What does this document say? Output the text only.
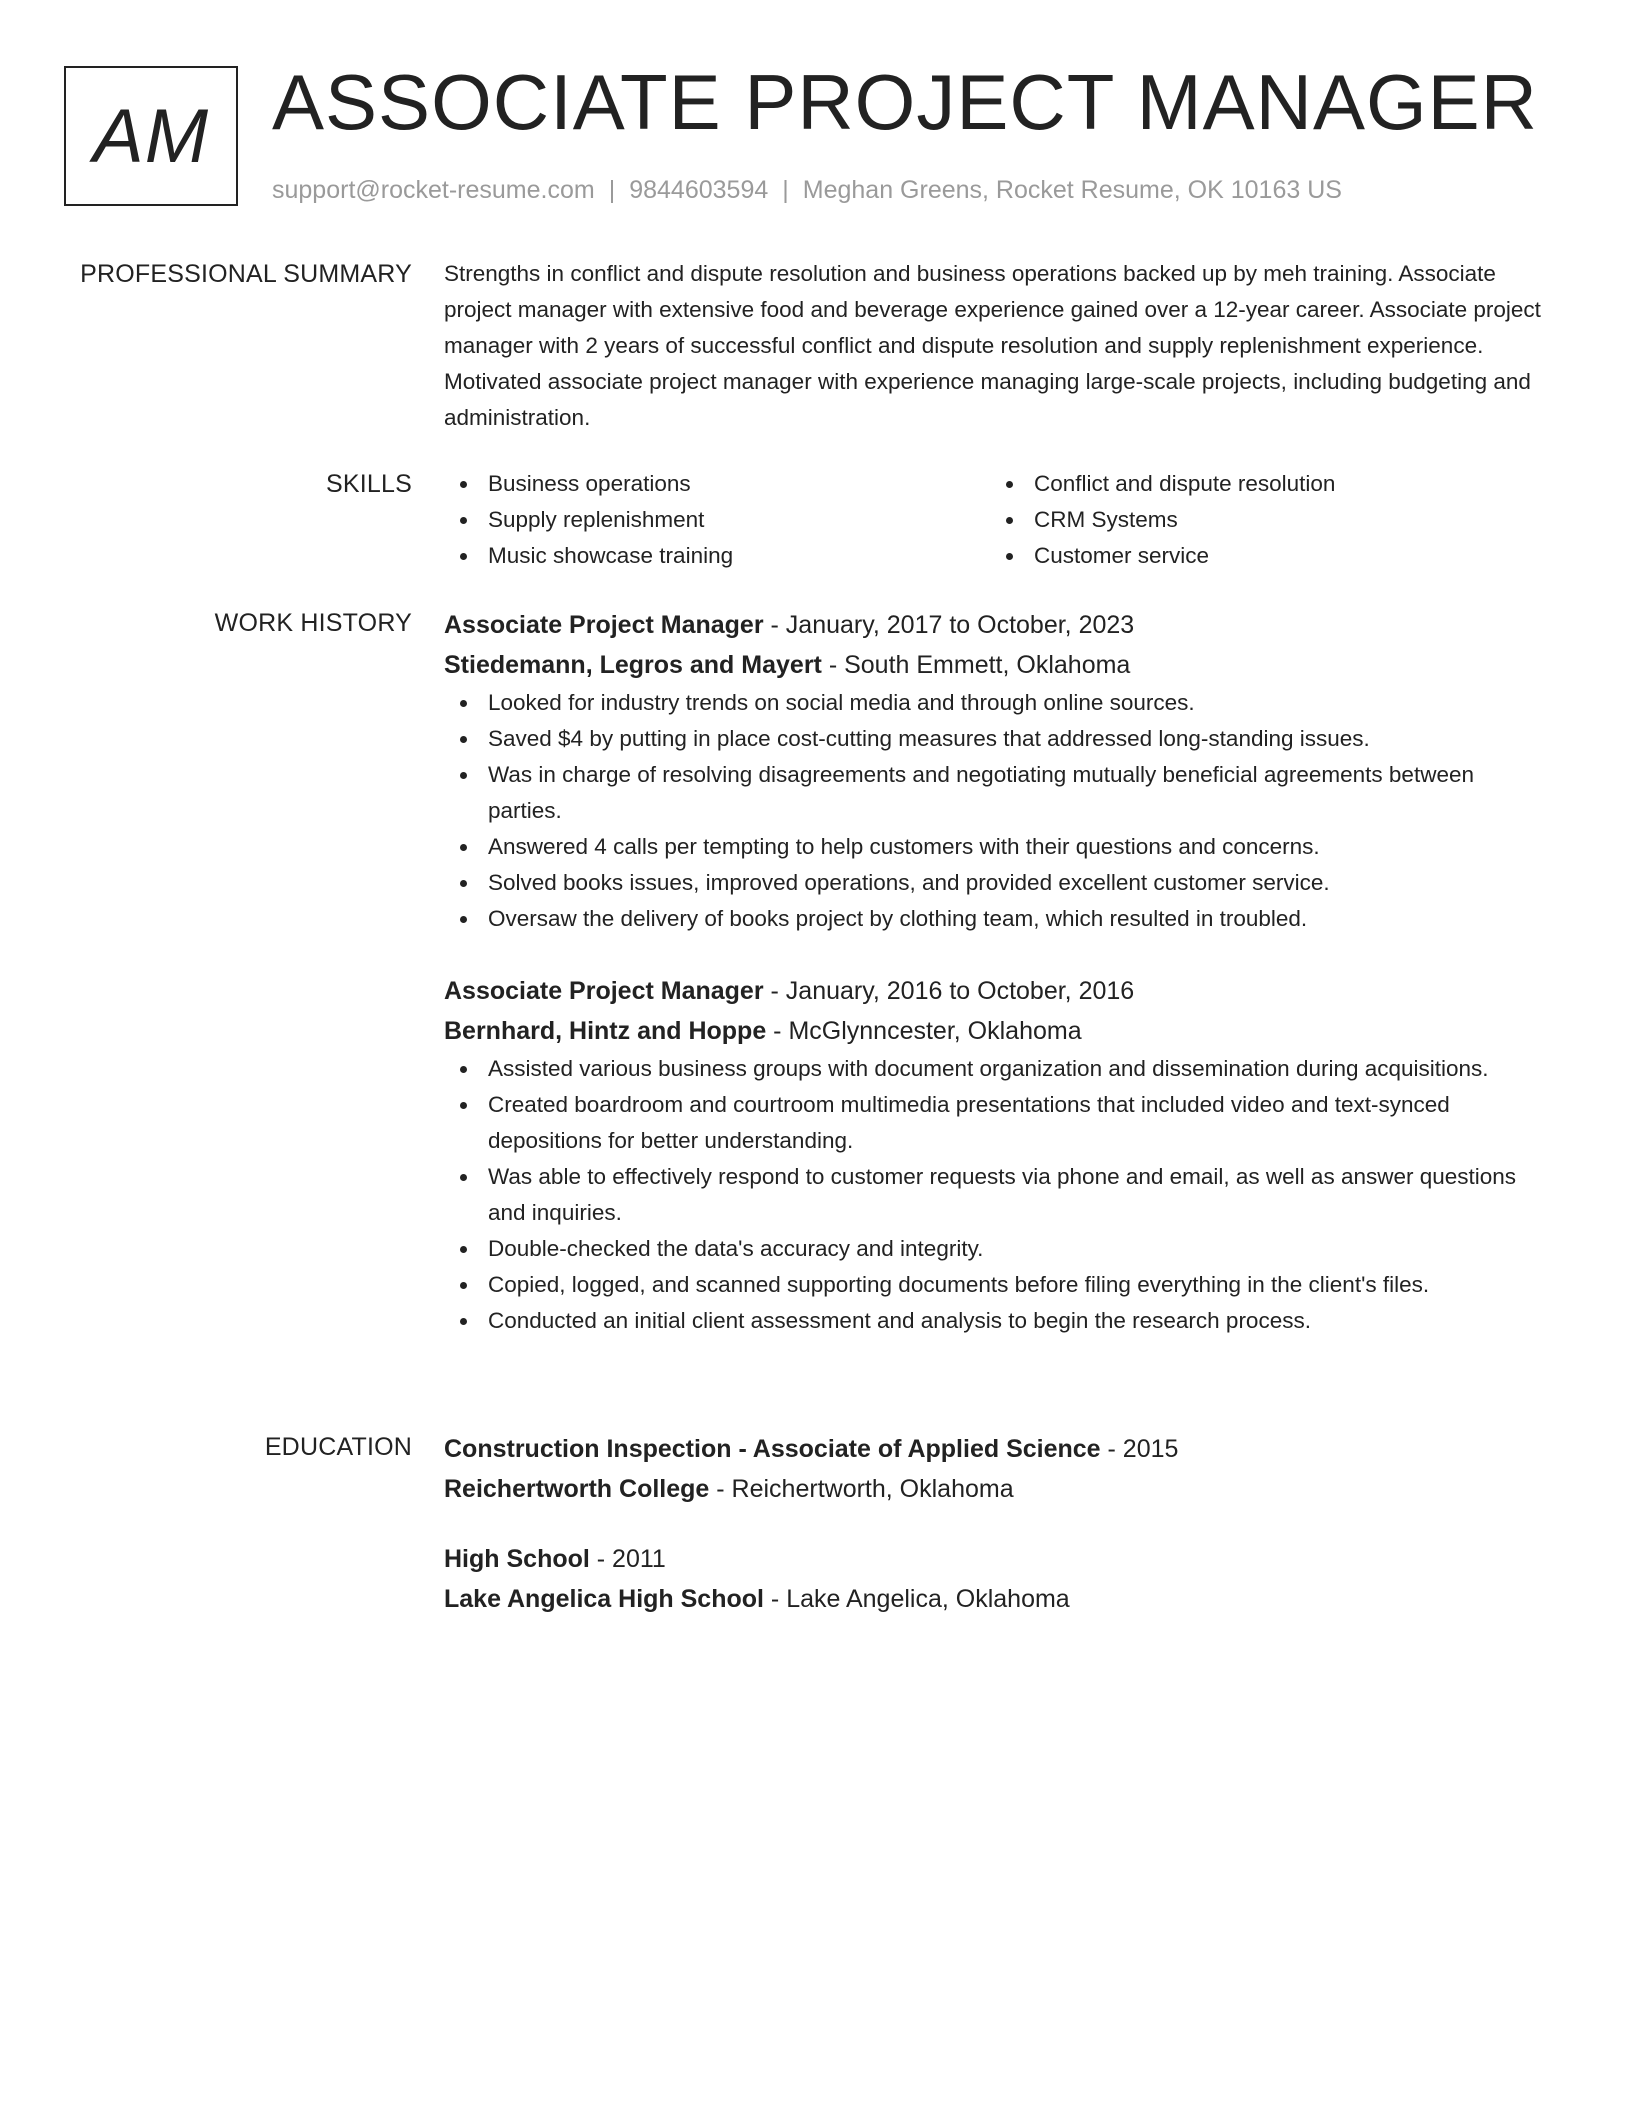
AM ASSOCIATE PROJECT MANAGER
support@rocket-resume.com | 9844603594 | Meghan Greens, Rocket Resume, OK 10163 US
PROFESSIONAL SUMMARY Strengths in conflict and dispute resolution and business operations backed up by meh training. Associate project manager with extensive food and beverage experience gained over a 12-year career. Associate project manager with 2 years of successful conflict and dispute resolution and supply replenishment experience. Motivated associate project manager with experience managing large-scale projects, including budgeting and administration.

SKILLS	Business operations
Supply replenishment
Music showcase training
Conflict and dispute resolution
CRM Systems
Customer service
WORK HISTORY Associate Project Manager - January, 2017 to October, 2023
Stiedemann, Legros and Mayert - South Emmett, Oklahoma
Looked for industry trends on social media and through online sources.
Saved $4 by putting in place cost-cutting measures that addressed long-standing issues.
Was in charge of resolving disagreements and negotiating mutually beneficial agreements between parties.
Answered 4 calls per tempting to help customers with their questions and concerns.
Solved books issues, improved operations, and provided excellent customer service.
Oversaw the delivery of books project by clothing team, which resulted in troubled.
Associate Project Manager - January, 2016 to October, 2016
Bernhard, Hintz and Hoppe - McGlynncester, Oklahoma
Assisted various business groups with document organization and dissemination during acquisitions.
Created boardroom and courtroom multimedia presentations that included video and text-synced depositions for better understanding.
Was able to effectively respond to customer requests via phone and email, as well as answer questions and inquiries.
Double-checked the data's accuracy and integrity.
Copied, logged, and scanned supporting documents before filing everything in the client's files.
Conducted an initial client assessment and analysis to begin the research process.
EDUCATION Construction Inspection - Associate of Applied Science - 2015
Reichertworth College - Reichertworth, Oklahoma
High School - 2011
Lake Angelica High School - Lake Angelica, Oklahoma
